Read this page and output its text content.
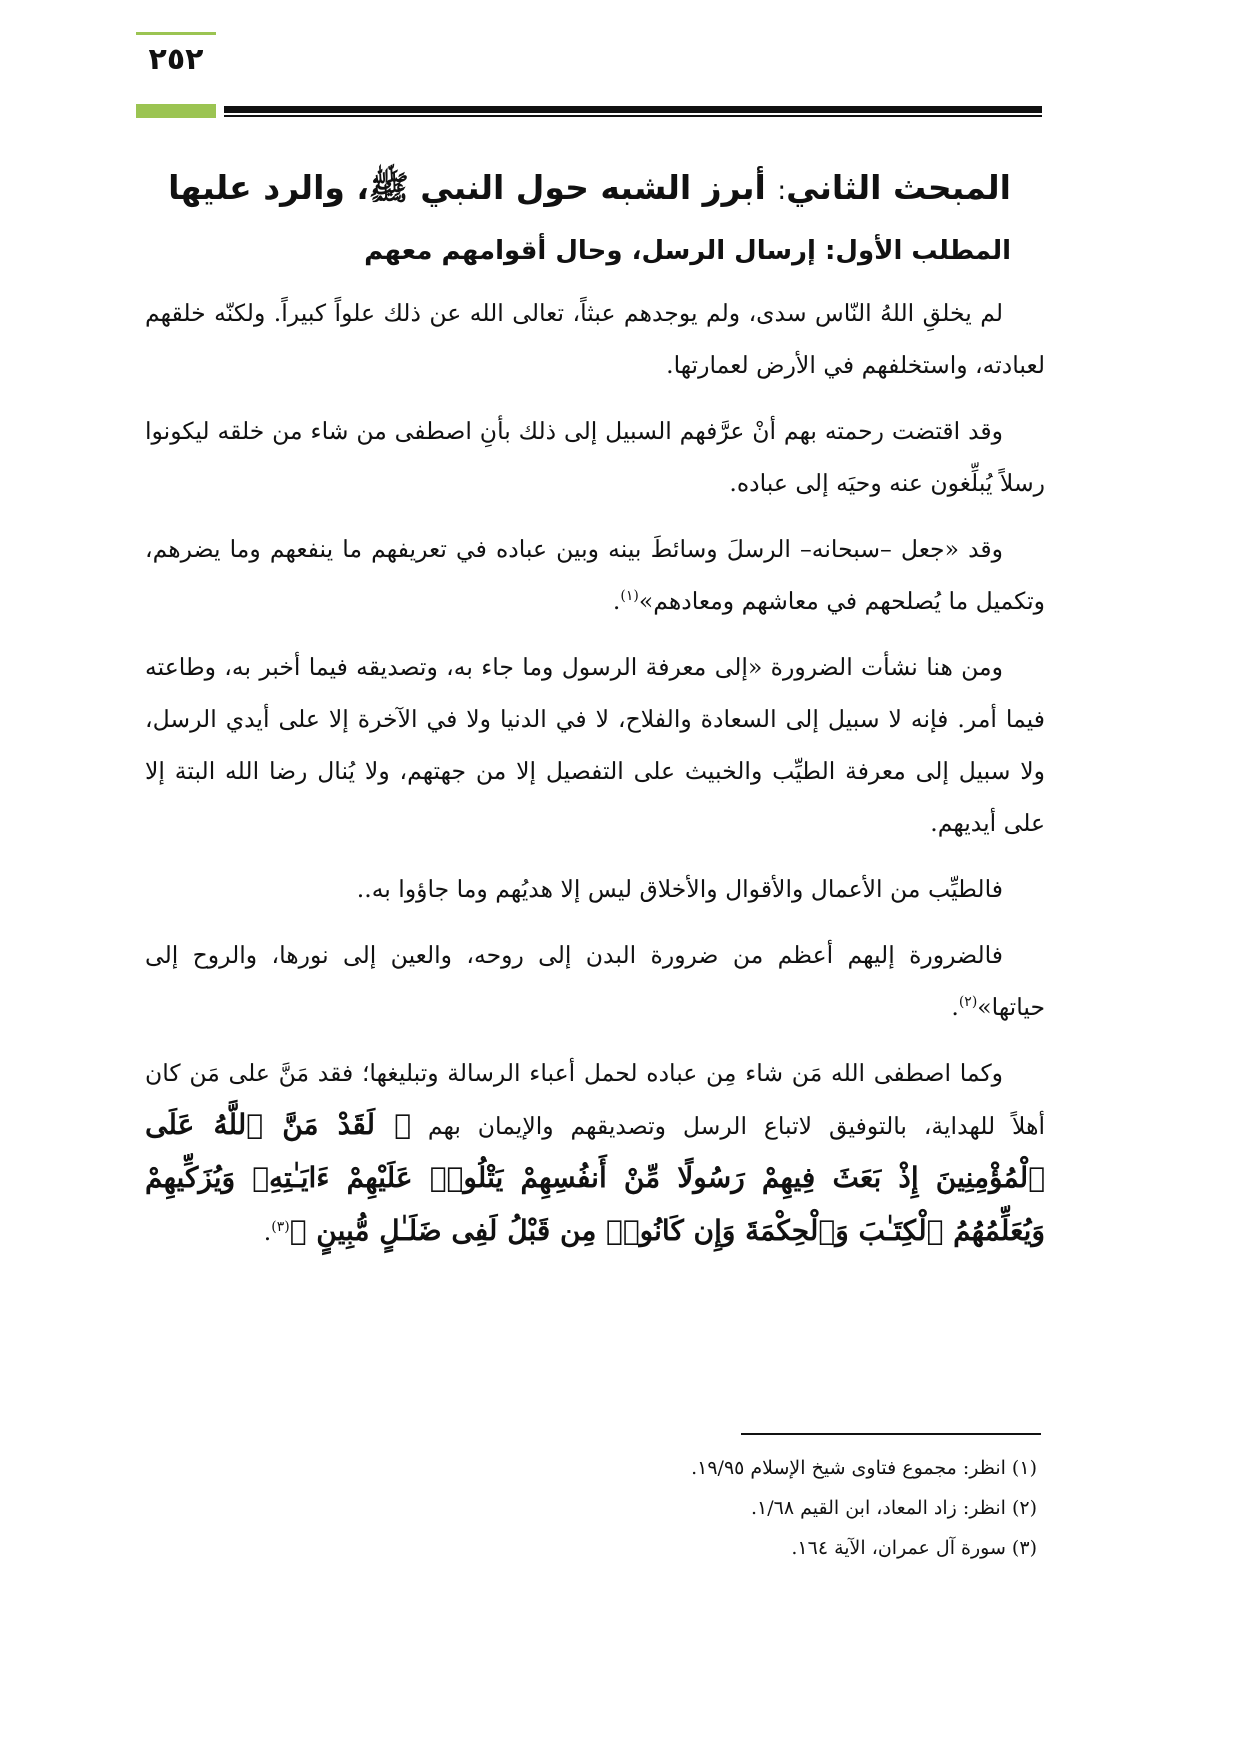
٢٥٢
المبحث الثاني: أبرز الشبه حول النبي ﷺ، والرد عليها
المطلب الأول: إرسال الرسل، وحال أقوامهم معهم

لم يخلقِ اللهُ النّاس سدى، ولم يوجدهم عبثاً، تعالى الله عن ذلك علواً كبيراً. ولكنّه خلقهم لعبادته، واستخلفهم في الأرض لعمارتها.

وقد اقتضت رحمته بهم أنْ عرَّفهم السبيل إلى ذلك بأنِ اصطفى من شاء من خلقه ليكونوا رسلاً يُبلِّغون عنه وحيَه إلى عباده.

وقد «جعل –سبحانه– الرسلَ وسائطَ بينه وبين عباده في تعريفهم ما ينفعهم وما يضرهم، وتكميل ما يُصلحهم في معاشهم ومعادهم»$^{(١)}$.

ومن هنا نشأت الضرورة «إلى معرفة الرسول وما جاء به، وتصديقه فيما أخبر به، وطاعته فيما أمر. فإنه لا سبيل إلى السعادة والفلاح، لا في الدنيا ولا في الآخرة إلا على أيدي الرسل، ولا سبيل إلى معرفة الطيِّب والخبيث على التفصيل إلا من جهتهم، ولا يُنال رضا الله البتة إلا على أيديهم.

فالطيِّب من الأعمال والأقوال والأخلاق ليس إلا هديُهم وما جاؤوا به..

فالضرورة إليهم أعظم من ضرورة البدن إلى روحه، والعين إلى نورها، والروح إلى حياتها»$^{(٢)}$.

وكما اصطفى الله مَن شاء مِن عباده لحمل أعباء الرسالة وتبليغها؛ فقد مَنَّ على مَن كان أهلاً للهداية، بالتوفيق لاتباع الرسل وتصديقهم والإيمان بهم ﴿ لَقَدْ مَنَّ ٱللَّهُ عَلَى ٱلْمُؤْمِنِينَ إِذْ بَعَثَ فِيهِمْ رَسُولًا مِّنْ أَنفُسِهِمْ يَتْلُوا۟ عَلَيْهِمْ ءَايَـٰتِهِۦ وَيُزَكِّيهِمْ وَيُعَلِّمُهُمُ ٱلْكِتَـٰبَ وَٱلْحِكْمَةَ وَإِن كَانُوا۟ مِن قَبْلُ لَفِى ضَلَـٰلٍ مُّبِينٍ ﴾$^{(٣)}$.

(١) انظر: مجموع فتاوى شيخ الإسلام ١٩/٩٥.

(٢) انظر: زاد المعاد، ابن القيم ١/٦٨.

(٣) سورة آل عمران، الآية ١٦٤.
